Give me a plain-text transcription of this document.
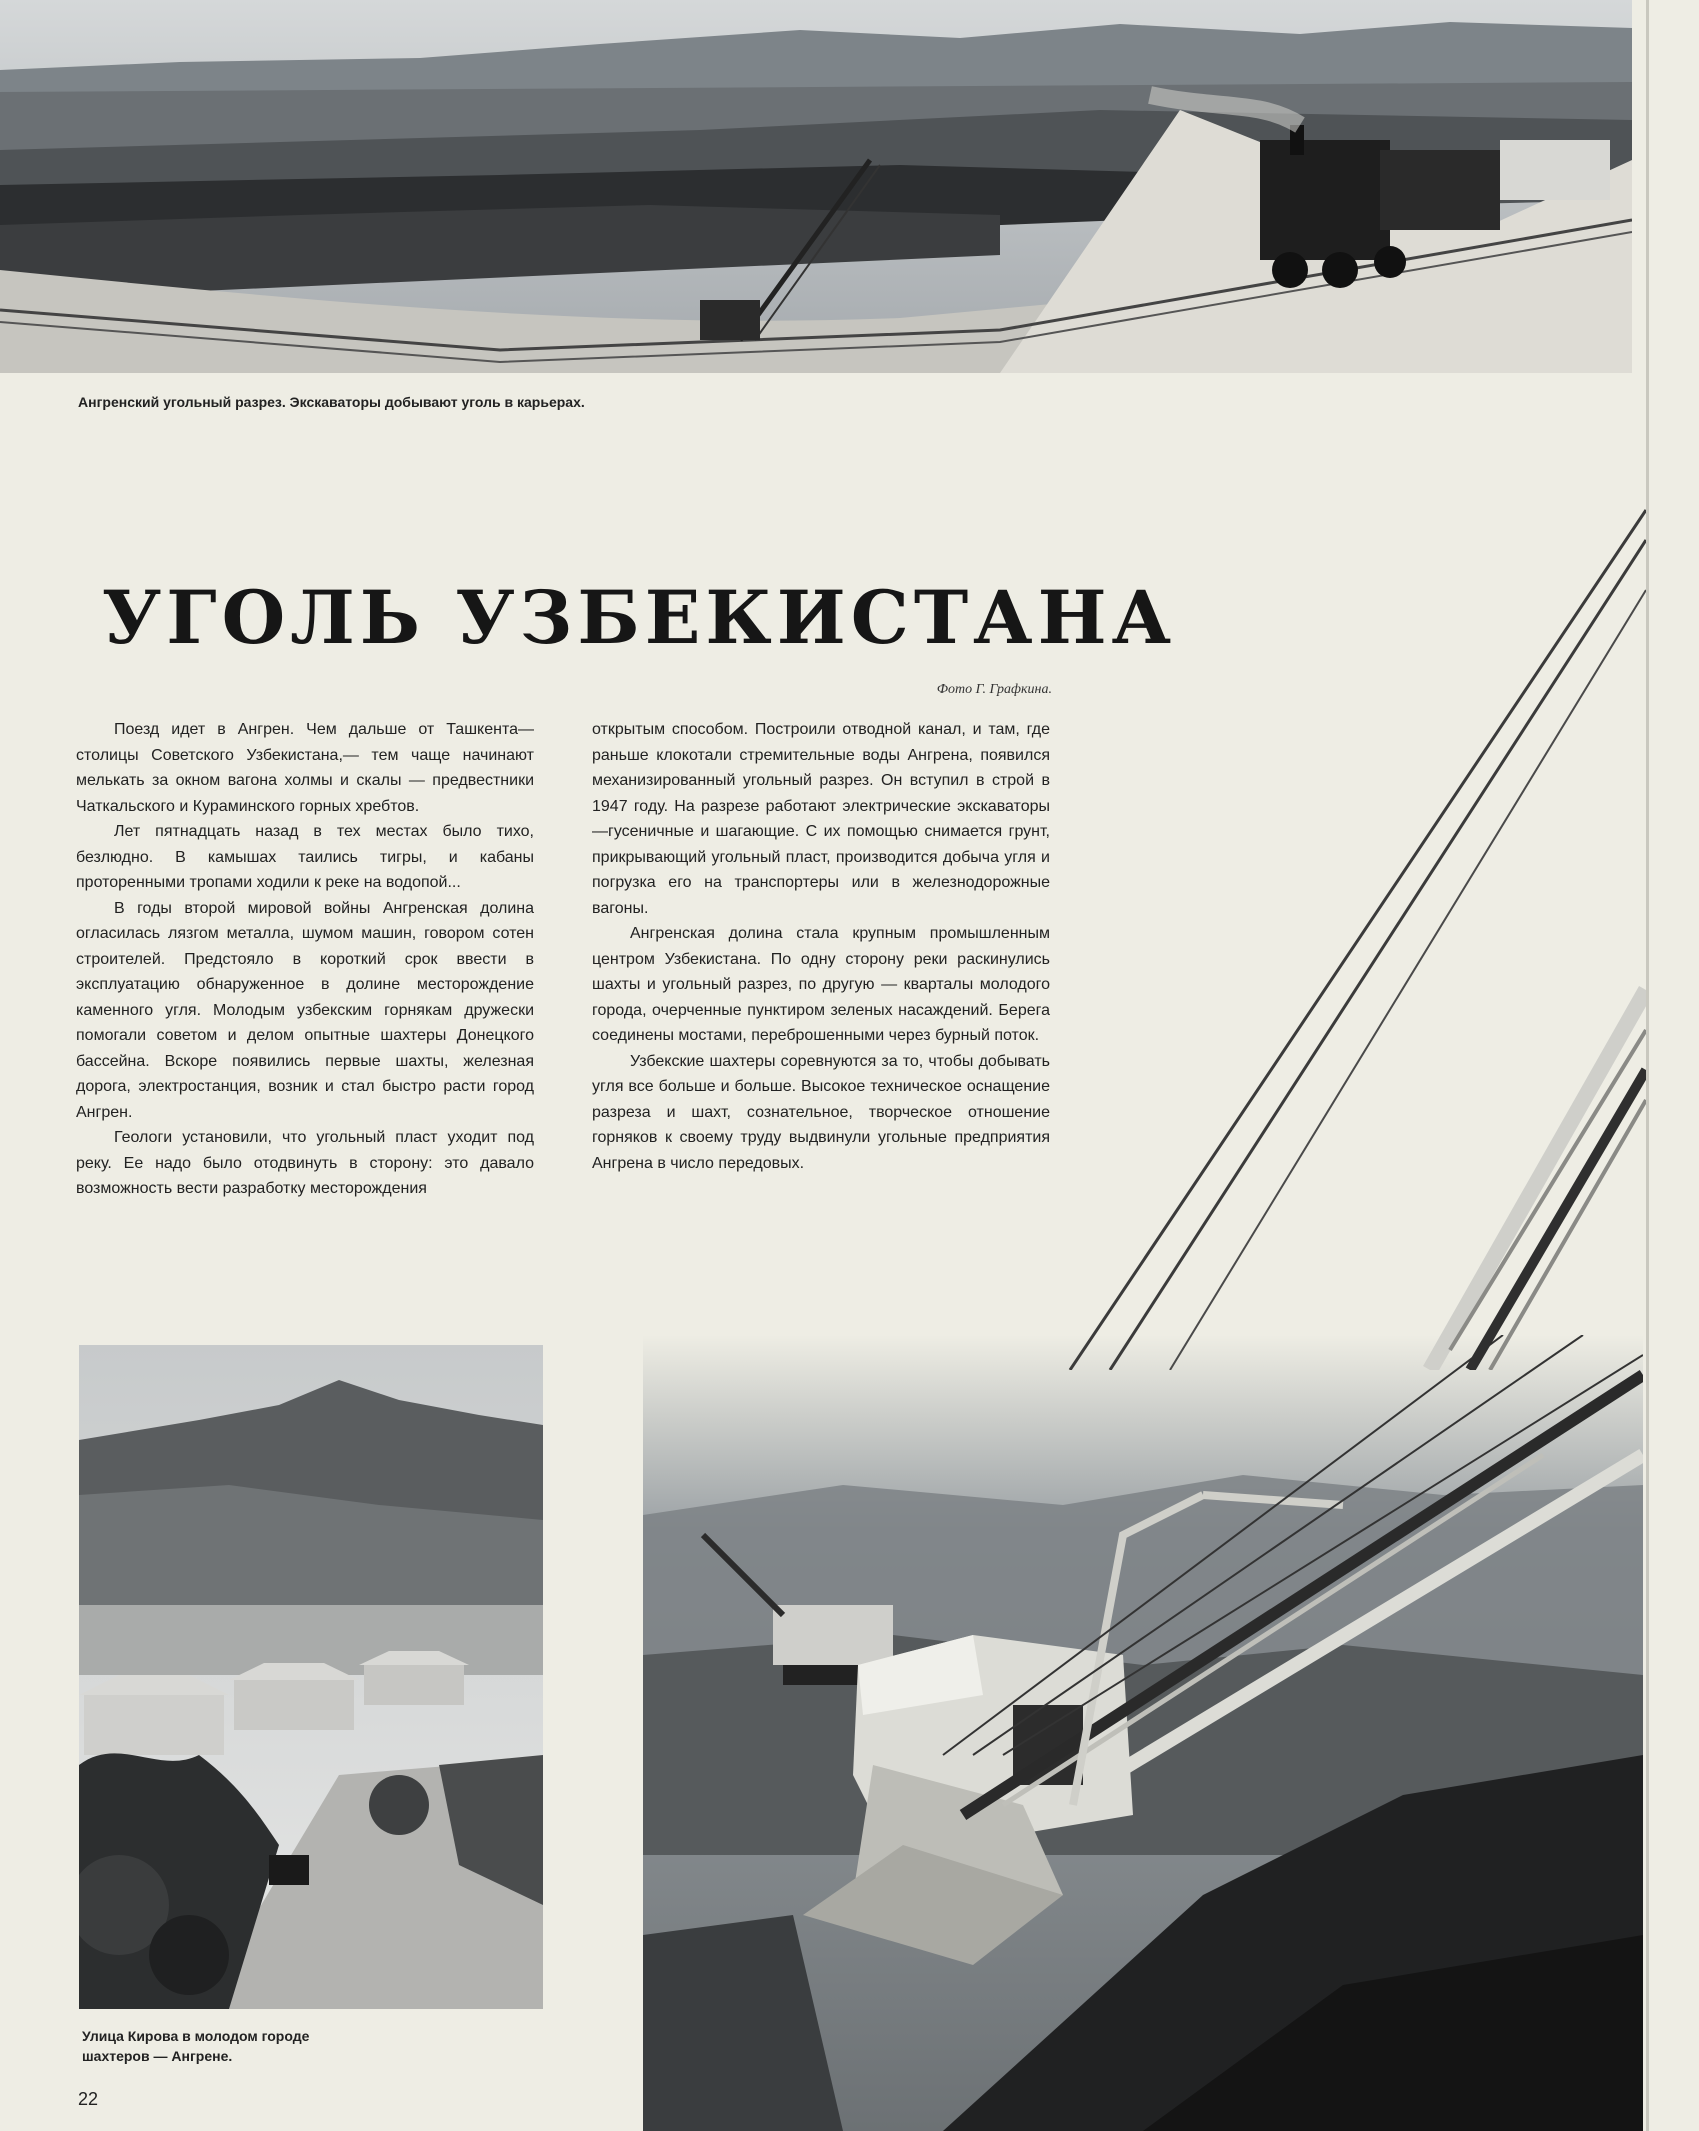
Ангренский угольный разрез. Экскаваторы добывают уголь в карьерах.
УГОЛЬ УЗБЕКИСТАНА
Фото Г. Графкина.

Поезд идет в Ангрен. Чем дальше от Ташкента— столицы Советского Узбекистана,— тем чаще начинают мелькать за окном вагона холмы и скалы — предвестники Чаткальского и Кураминского горных хребтов.

Лет пятнадцать назад в тех местах было тихо, безлюдно. В камышах таились тигры, и кабаны проторенными тропами ходили к реке на водопой...

В годы второй мировой войны Ангренская долина огласилась лязгом металла, шумом машин, говором сотен строителей. Предстояло в короткий срок ввести в эксплуатацию обнаруженное в долине месторождение каменного угля. Молодым узбекским горнякам дружески помогали советом и делом опытные шахтеры Донецкого бассейна. Вскоре появились первые шахты, железная дорога, электростанция, возник и стал быстро расти город Ангрен.

Геологи установили, что угольный пласт уходит под реку. Ее надо было отодвинуть в сторону: это давало возможность вести разработку месторождения

открытым способом. Построили отводной канал, и там, где раньше клокотали стремительные воды Ангрена, появился механизированный угольный разрез. Он вступил в строй в 1947 году. На разрезе работают электрические экскаваторы—гусеничные и шагающие. С их помощью снимается грунт, прикрывающий угольный пласт, производится добыча угля и погрузка его на транспортеры или в железнодорожные вагоны.

Ангренская долина стала крупным промышленным центром Узбекистана. По одну сторону реки раскинулись шахты и угольный разрез, по другую — кварталы молодого города, очерченные пунктиром зеленых насаждений. Берега соединены мостами, переброшенными через бурный поток.

Узбекские шахтеры соревнуются за то, чтобы добывать угля все больше и больше. Высокое техническое оснащение разреза и шахт, сознательное, творческое отношение горняков к своему труду выдвинули угольные предприятия Ангрена в число передовых.

Улица Кирова в молодом городе шахтеров — Ангрене.
22
